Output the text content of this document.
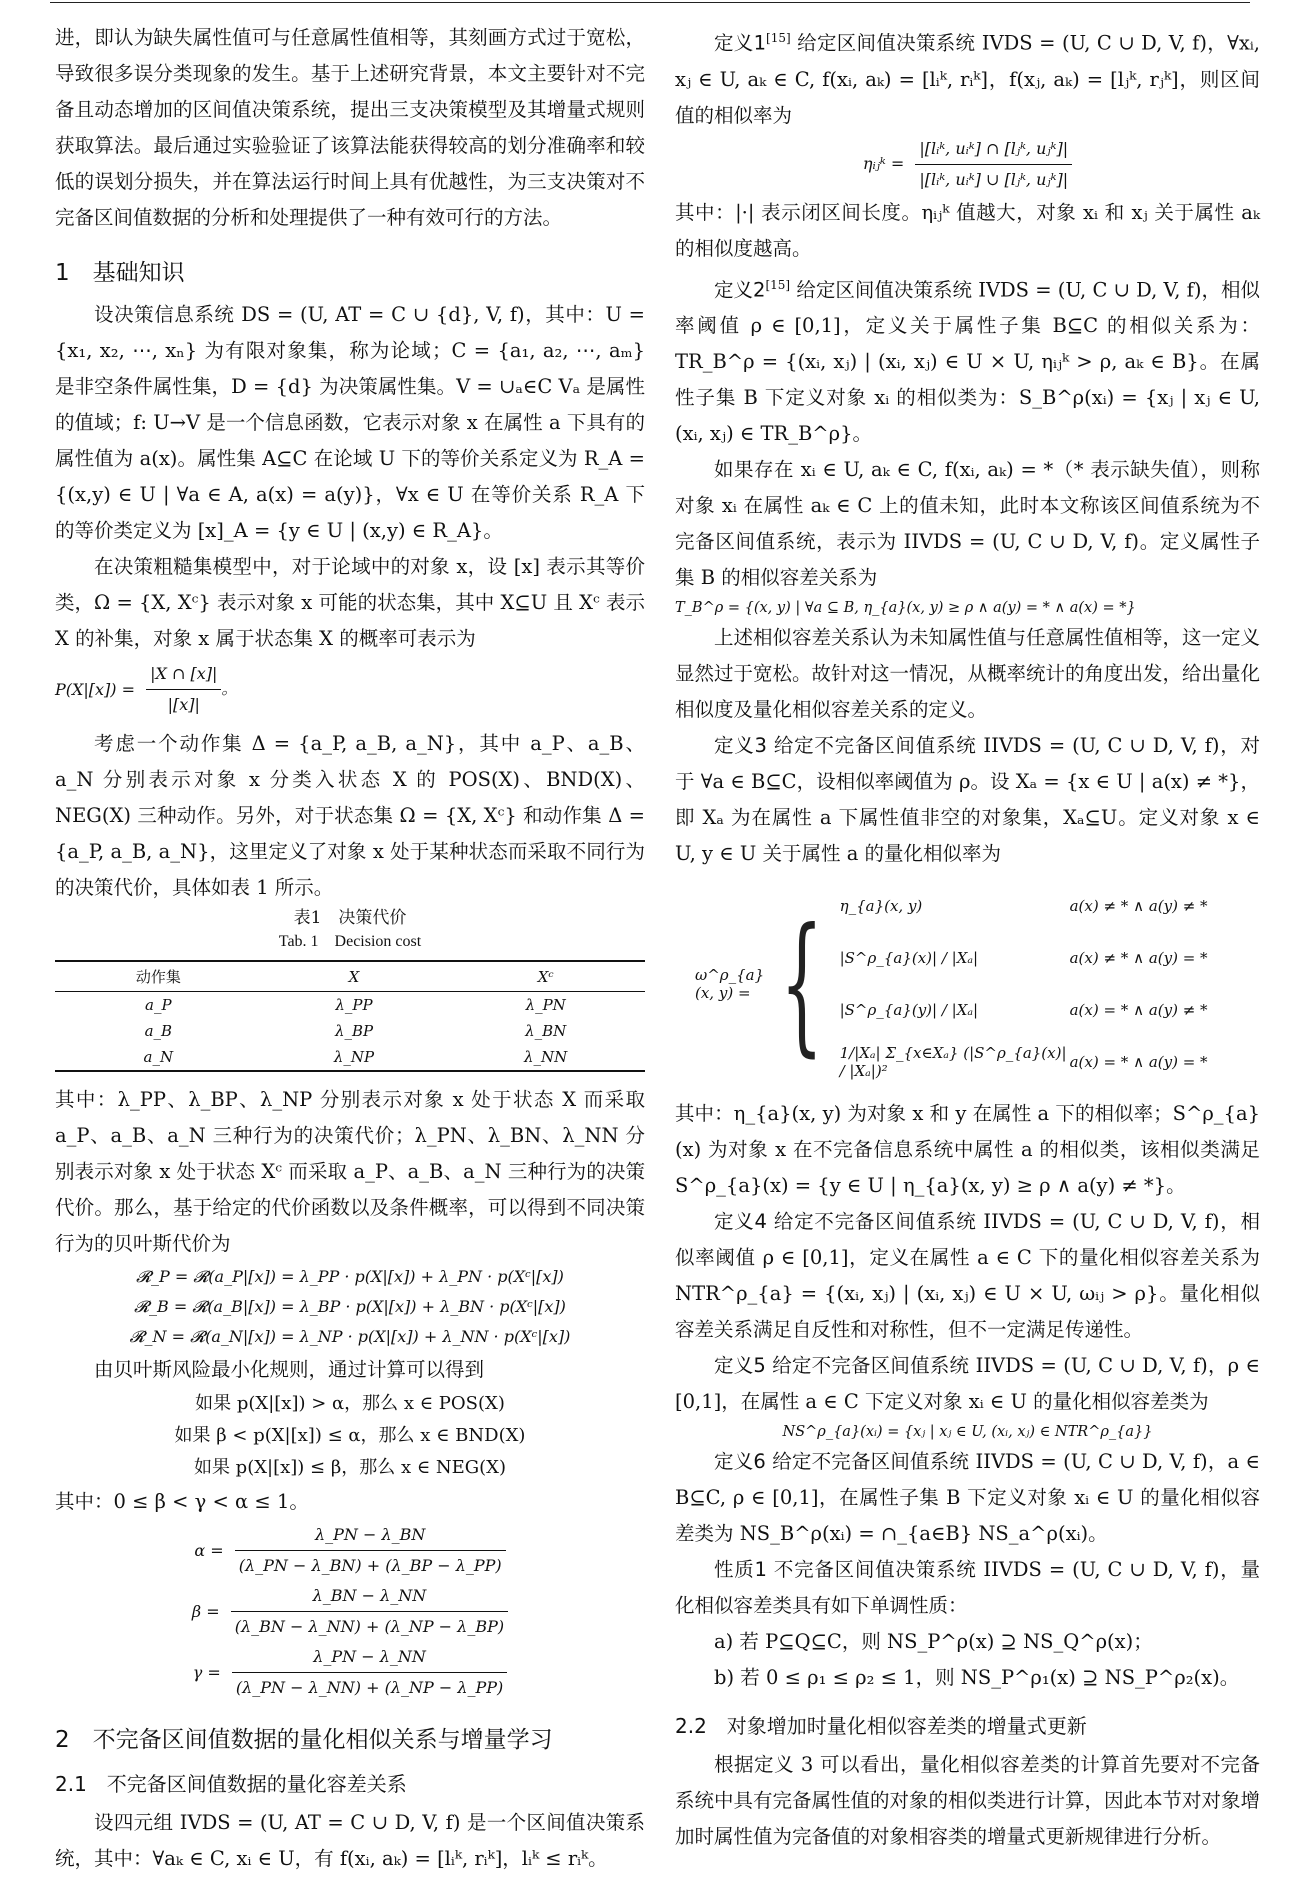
进，即认为缺失属性值可与任意属性值相等，其刻画方式过于宽松，导致很多误分类现象的发生。基于上述研究背景，本文主要针对不完备且动态增加的区间值决策系统，提出三支决策模型及其增量式规则获取算法。最后通过实验验证了该算法能获得较高的划分准确率和较低的误划分损失，并在算法运行时间上具有优越性，为三支决策对不完备区间值数据的分析和处理提供了一种有效可行的方法。

1　基础知识

设决策信息系统 DS = (U, AT = C ∪ {d}, V, f)，其中：U = {x₁, x₂, ⋯, xₙ} 为有限对象集，称为论域；C = {a₁, a₂, ⋯, aₘ} 是非空条件属性集，D = {d} 为决策属性集。V = ∪ₐ∈C Vₐ 是属性的值域；f: U→V 是一个信息函数，它表示对象 x 在属性 a 下具有的属性值为 a(x)。属性集 A⊆C 在论域 U 下的等价关系定义为 R_A = {(x,y) ∈ U | ∀a ∈ A, a(x) = a(y)}，∀x ∈ U 在等价关系 R_A 下的等价类定义为 [x]_A = {y ∈ U | (x,y) ∈ R_A}。

在决策粗糙集模型中，对于论域中的对象 x，设 [x] 表示其等价类，Ω = {X, Xᶜ} 表示对象 x 可能的状态集，其中 X⊆U 且 Xᶜ 表示 X 的补集，对象 x 属于状态集 X 的概率可表示为

$P(X|[x]) = \frac{|X \cap [x]|}{|[x]|}$ 。

考虑一个动作集 Δ = {a_P, a_B, a_N}，其中 a_P、a_B、a_N 分别表示对象 x 分类入状态 X 的 POS(X)、BND(X)、NEG(X) 三种动作。另外，对于状态集 Ω = {X, Xᶜ} 和动作集 Δ = {a_P, a_B, a_N}，这里定义了对象 x 处于某种状态而采取不同行为的决策代价，具体如表 1 所示。

表1　决策代价
Tab. 1　Decision cost
动作集	X	Xᶜ
a_P	λ_PP	λ_PN
a_B	λ_BP	λ_BN
a_N	λ_NP	λ_NN

其中：λ_PP、λ_BP、λ_NP 分别表示对象 x 处于状态 X 而采取 a_P、a_B、a_N 三种行为的决策代价；λ_PN、λ_BN、λ_NN 分别表示对象 x 处于状态 Xᶜ 而采取 a_P、a_B、a_N 三种行为的决策代价。那么，基于给定的代价函数以及条件概率，可以得到不同决策行为的贝叶斯代价为

𝓡_P = 𝓡(a_P|[x]) = λ_PP · p(X|[x]) + λ_PN · p(Xᶜ|[x])
𝓡_B = 𝓡(a_B|[x]) = λ_BP · p(X|[x]) + λ_BN · p(Xᶜ|[x])
𝓡_N = 𝓡(a_N|[x]) = λ_NP · p(X|[x]) + λ_NN · p(Xᶜ|[x])

由贝叶斯风险最小化规则，通过计算可以得到

如果 p(X|[x]) > α，那么 x ∈ POS(X)
如果 β < p(X|[x]) ≤ α，那么 x ∈ BND(X)
如果 p(X|[x]) ≤ β，那么 x ∈ NEG(X)

其中：0 ≤ β < γ < α ≤ 1。

$\alpha = \frac{\lambda\_PN - \lambda\_BN}{(\lambda\_PN - \lambda\_BN) + (\lambda\_BP - \lambda\_PP)}$
$\beta = \frac{\lambda\_BN - \lambda\_NN}{(\lambda\_BN - \lambda\_NN) + (\lambda\_NP - \lambda\_BP)}$
$\gamma = \frac{\lambda\_PN - \lambda\_NN}{(\lambda\_PN - \lambda\_NN) + (\lambda\_NP - \lambda\_PP)}$
2　不完备区间值数据的量化相似关系与增量学习
2.1　不完备区间值数据的量化容差关系

设四元组 IVDS = (U, AT = C ∪ D, V, f) 是一个区间值决策系统，其中：∀aₖ ∈ C, xᵢ ∈ U，有 f(xᵢ, aₖ) = [lᵢᵏ, rᵢᵏ]，lᵢᵏ ≤ rᵢᵏ。

定义1[15] 给定区间值决策系统 IVDS = (U, C ∪ D, V, f)，∀xᵢ, xⱼ ∈ U, aₖ ∈ C, f(xᵢ, aₖ) = [lᵢᵏ, rᵢᵏ]，f(xⱼ, aₖ) = [lⱼᵏ, rⱼᵏ]，则区间值的相似率为

ηᵢⱼᵏ = $\frac{\text{|[lᵢᵏ, uᵢᵏ] ∩ [lⱼᵏ, uⱼᵏ]|}}{\text{|[lᵢᵏ, uᵢᵏ] ∪ [lⱼᵏ, uⱼᵏ]|}}$

其中：|·| 表示闭区间长度。ηᵢⱼᵏ 值越大，对象 xᵢ 和 xⱼ 关于属性 aₖ 的相似度越高。

定义2[15] 给定区间值决策系统 IVDS = (U, C ∪ D, V, f)，相似率阈值 ρ ∈ [0,1]，定义关于属性子集 B⊆C 的相似关系为：TR_B^ρ = {(xᵢ, xⱼ) | (xᵢ, xⱼ) ∈ U × U, ηᵢⱼᵏ > ρ, aₖ ∈ B}。在属性子集 B 下定义对象 xᵢ 的相似类为：S_B^ρ(xᵢ) = {xⱼ | xⱼ ∈ U, (xᵢ, xⱼ) ∈ TR_B^ρ}。

如果存在 xᵢ ∈ U, aₖ ∈ C, f(xᵢ, aₖ) = *（* 表示缺失值），则称对象 xᵢ 在属性 aₖ ∈ C 上的值未知，此时本文称该区间值系统为不完备区间值系统，表示为 IIVDS = (U, C ∪ D, V, f)。定义属性子集 B 的相似容差关系为

T_B^ρ = {(x, y) | ∀a ⊆ B, η_{a}(x, y) ≥ ρ ∧ a(y) = * ∧ a(x) = *}

上述相似容差关系认为未知属性值与任意属性值相等，这一定义显然过于宽松。故针对这一情况，从概率统计的角度出发，给出量化相似度及量化相似容差关系的定义。

定义3 给定不完备区间值系统 IIVDS = (U, C ∪ D, V, f)，对于 ∀a ∈ B⊆C，设相似率阈值为 ρ。设 Xₐ = {x ∈ U | a(x) ≠ *}，即 Xₐ 为在属性 a 下属性值非空的对象集，Xₐ⊆U。定义对象 x ∈ U, y ∈ U 关于属性 a 的量化相似率为

ω^ρ_{a}(x, y) = { η_{a}(x, y)	a(x) ≠ * ∧ a(y) ≠ *
|S^ρ_{a}(x)| / |Xₐ|	a(x) ≠ * ∧ a(y) = *
|S^ρ_{a}(y)| / |Xₐ|	a(x) = * ∧ a(y) ≠ *
1/|Xₐ| Σ_{x∈Xₐ} (|S^ρ_{a}(x)| / |Xₐ|)²	a(x) = * ∧ a(y) = *

其中：η_{a}(x, y) 为对象 x 和 y 在属性 a 下的相似率；S^ρ_{a}(x) 为对象 x 在不完备信息系统中属性 a 的相似类，该相似类满足 S^ρ_{a}(x) = {y ∈ U | η_{a}(x, y) ≥ ρ ∧ a(y) ≠ *}。

定义4 给定不完备区间值系统 IIVDS = (U, C ∪ D, V, f)，相似率阈值 ρ ∈ [0,1]，定义在属性 a ∈ C 下的量化相似容差关系为 NTR^ρ_{a} = {(xᵢ, xⱼ) | (xᵢ, xⱼ) ∈ U × U, ωᵢⱼ > ρ}。量化相似容差关系满足自反性和对称性，但不一定满足传递性。

定义5 给定不完备区间值系统 IIVDS = (U, C ∪ D, V, f)，ρ ∈ [0,1]，在属性 a ∈ C 下定义对象 xᵢ ∈ U 的量化相似容差类为

NS^ρ_{a}(xᵢ) = {xⱼ | xⱼ ∈ U, (xᵢ, xⱼ) ∈ NTR^ρ_{a}}

定义6 给定不完备区间值系统 IIVDS = (U, C ∪ D, V, f)，a ∈ B⊆C, ρ ∈ [0,1]，在属性子集 B 下定义对象 xᵢ ∈ U 的量化相似容差类为 NS_B^ρ(xᵢ) = ∩_{a∈B} NS_a^ρ(xᵢ)。

性质1 不完备区间值决策系统 IIVDS = (U, C ∪ D, V, f)，量化相似容差类具有如下单调性质：

a) 若 P⊆Q⊆C，则 NS_P^ρ(x) ⊇ NS_Q^ρ(x)；
b) 若 0 ≤ ρ₁ ≤ ρ₂ ≤ 1，则 NS_P^ρ₁(x) ⊇ NS_P^ρ₂(x)。
2.2　对象增加时量化相似容差类的增量式更新

根据定义 3 可以看出，量化相似容差类的计算首先要对不完备系统中具有完备属性值的对象的相似类进行计算，因此本节对对象增加时属性值为完备值的对象相容类的增量式更新规律进行分析。
